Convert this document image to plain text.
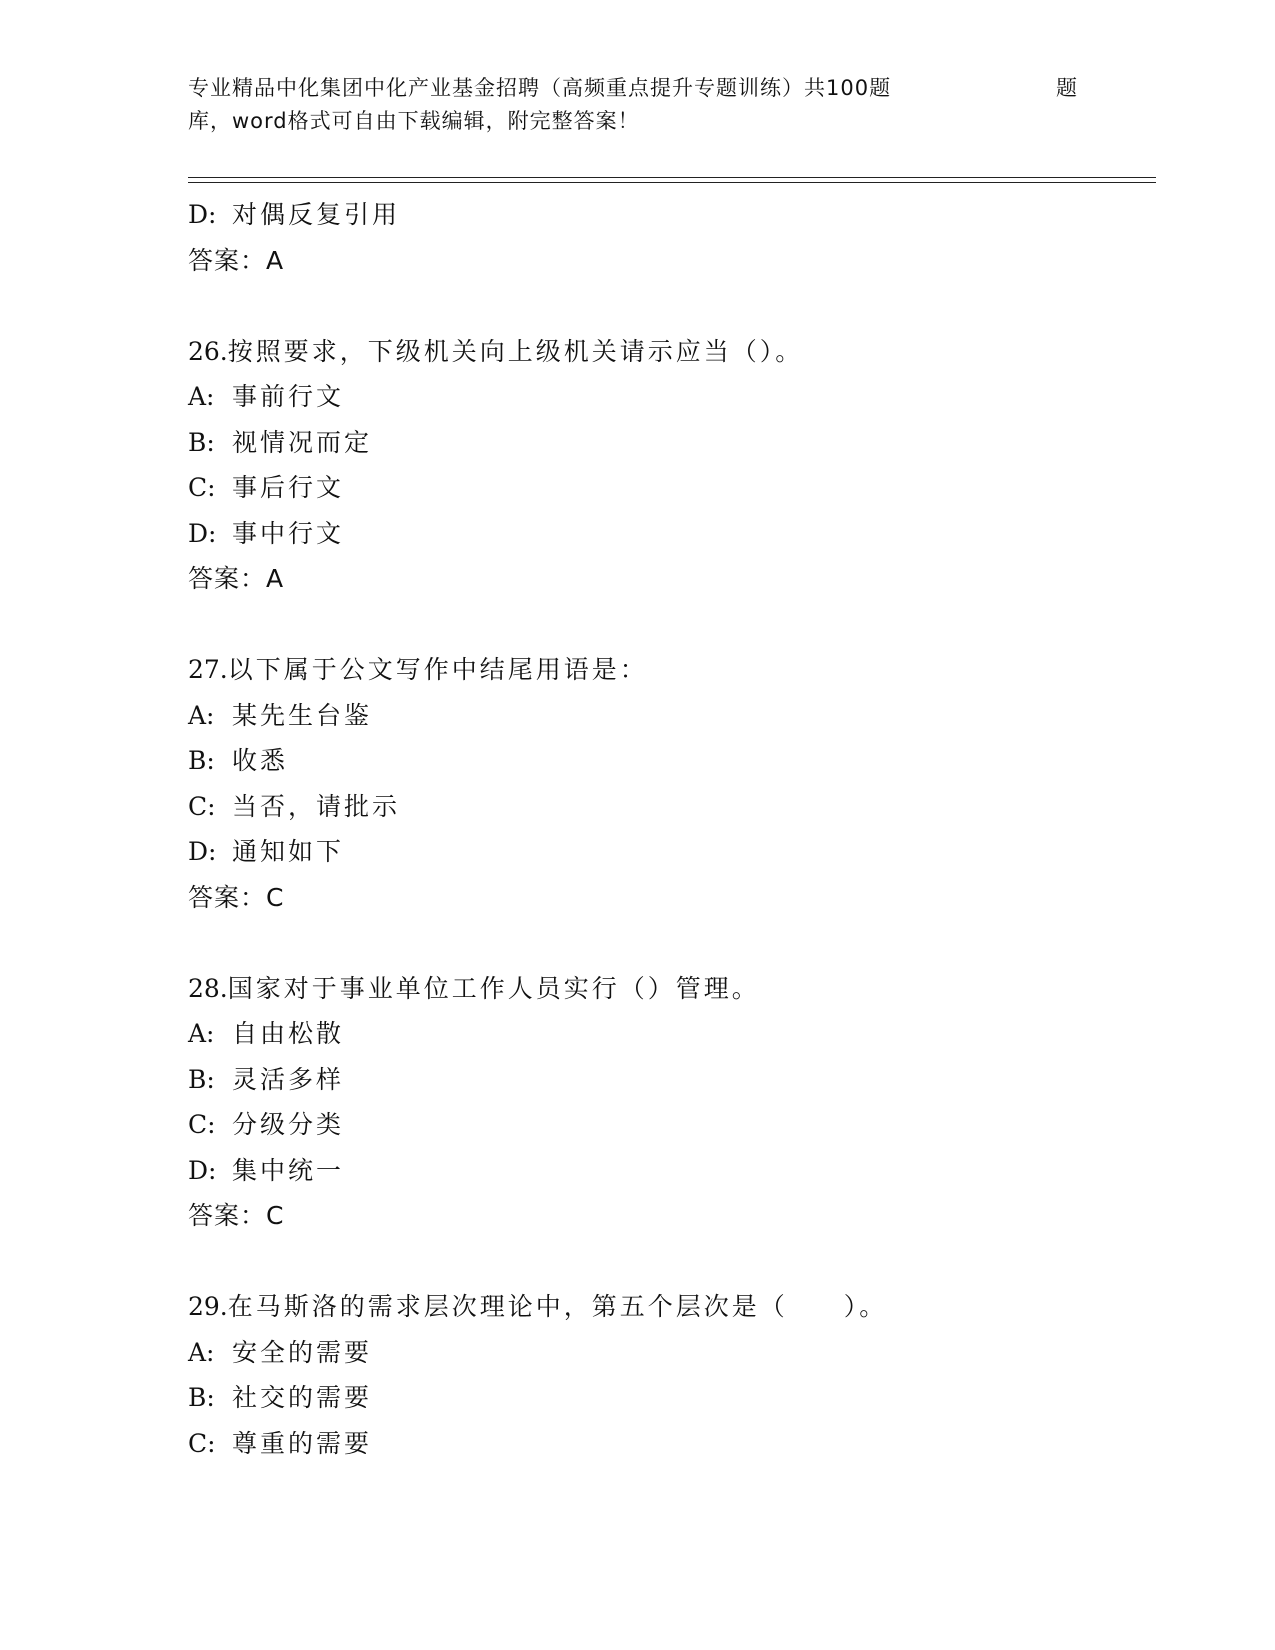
专业精品中化集团中化产业基金招聘（高频重点提升专题训练）共100题	题
库，word格式可自由下载编辑，附完整答案！
D: 对偶反复引用
答案：A
26.按照要求，下级机关向上级机关请示应当（）。
A: 事前行文
B: 视情况而定
C: 事后行文
D: 事中行文
答案：A
27.以下属于公文写作中结尾用语是：
A: 某先生台鉴
B: 收悉
C: 当否，请批示
D: 通知如下
答案：C
28.国家对于事业单位工作人员实行（）管理。
A: 自由松散
B: 灵活多样
C: 分级分类
D: 集中统一
答案：C
29.在马斯洛的需求层次理论中，第五个层次是（　　）。
A: 安全的需要
B: 社交的需要
C: 尊重的需要
